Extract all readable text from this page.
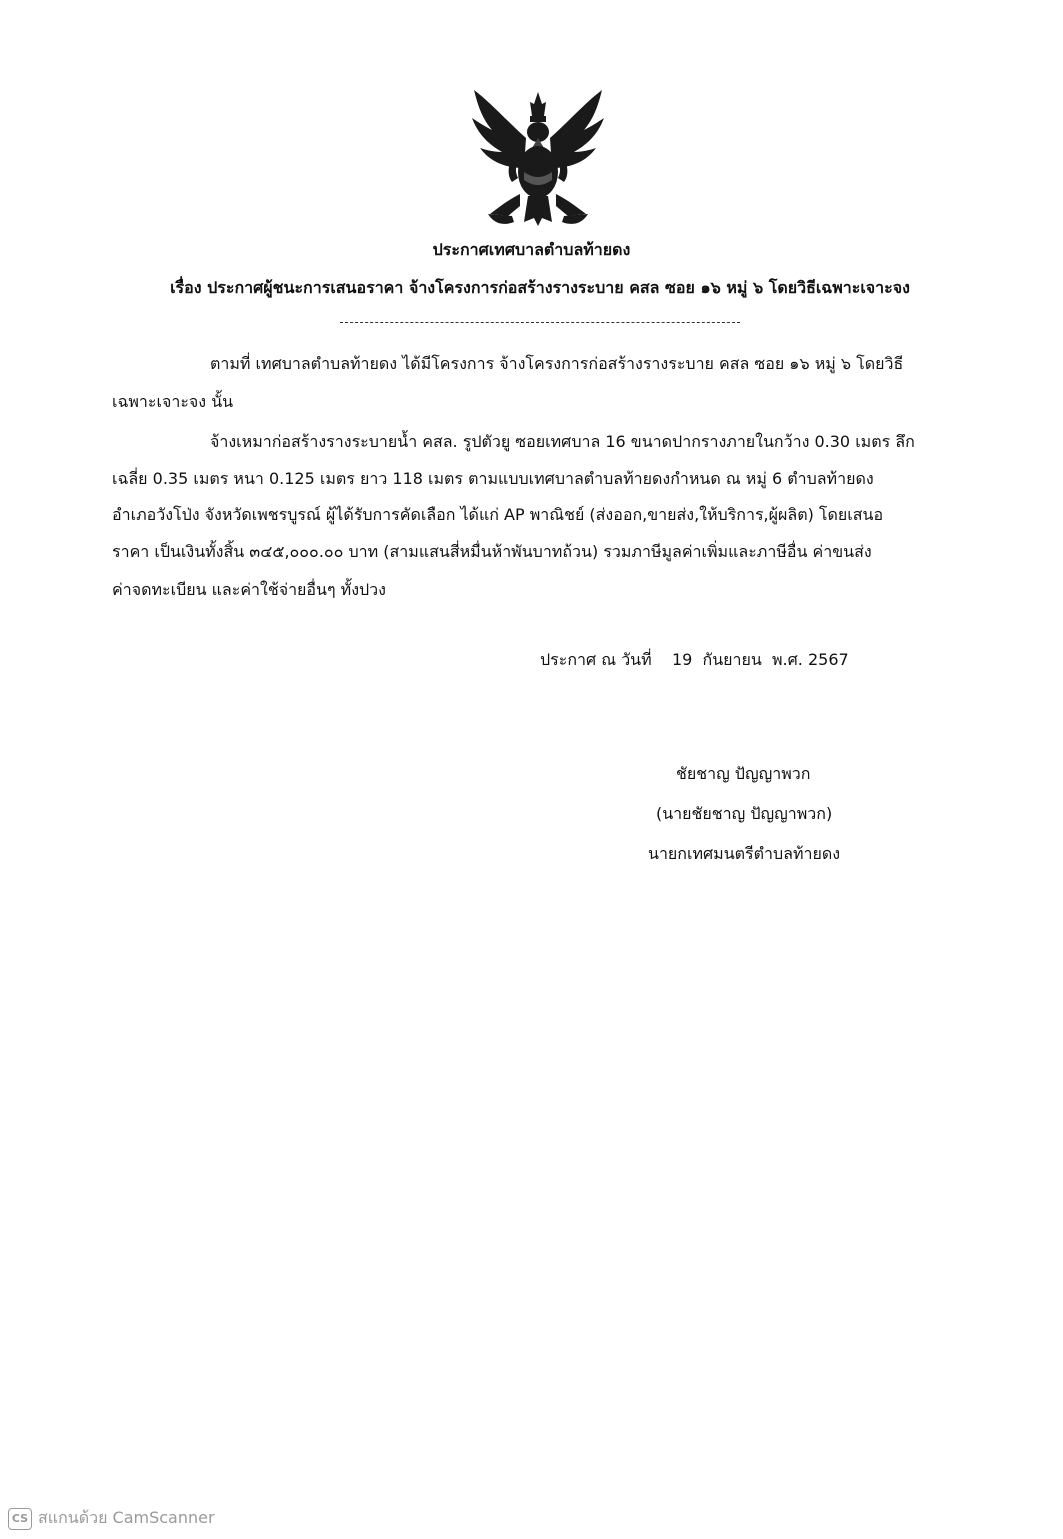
ประกาศเทศบาลตำบลท้ายดง
เรื่อง ประกาศผู้ชนะการเสนอราคา จ้างโครงการก่อสร้างรางระบาย คสล ซอย ๑๖ หมู่ ๖ โดยวิธีเฉพาะเจาะจง
ตามที่ เทศบาลตำบลท้ายดง ได้มีโครงการ จ้างโครงการก่อสร้างรางระบาย คสล ซอย ๑๖ หมู่ ๖ โดยวิธี
เฉพาะเจาะจง นั้น
จ้างเหมาก่อสร้างรางระบายน้ำ คสล. รูปตัวยู ซอยเทศบาล 16 ขนาดปากรางภายในกว้าง 0.30 เมตร ลึก
เฉลี่ย 0.35 เมตร หนา 0.125 เมตร ยาว 118 เมตร ตามแบบเทศบาลตำบลท้ายดงกำหนด ณ หมู่ 6 ตำบลท้ายดง
อำเภอวังโป่ง จังหวัดเพชรบูรณ์ ผู้ได้รับการคัดเลือก ได้แก่ AP พาณิชย์ (ส่งออก,ขายส่ง,ให้บริการ,ผู้ผลิต) โดยเสนอ
ราคา เป็นเงินทั้งสิ้น ๓๔๕,๐๐๐.๐๐ บาท (สามแสนสี่หมื่นห้าพันบาทถ้วน) รวมภาษีมูลค่าเพิ่มและภาษีอื่น ค่าขนส่ง
ค่าจดทะเบียน และค่าใช้จ่ายอื่นๆ ทั้งปวง
ประกาศ ณ วันที่    19  กันยายน  พ.ศ. 2567
ชัยชาญ ปัญญาพวก
(นายชัยชาญ ปัญญาพวก)
นายกเทศมนตรีตำบลท้ายดง
CS สแกนด้วย CamScanner
